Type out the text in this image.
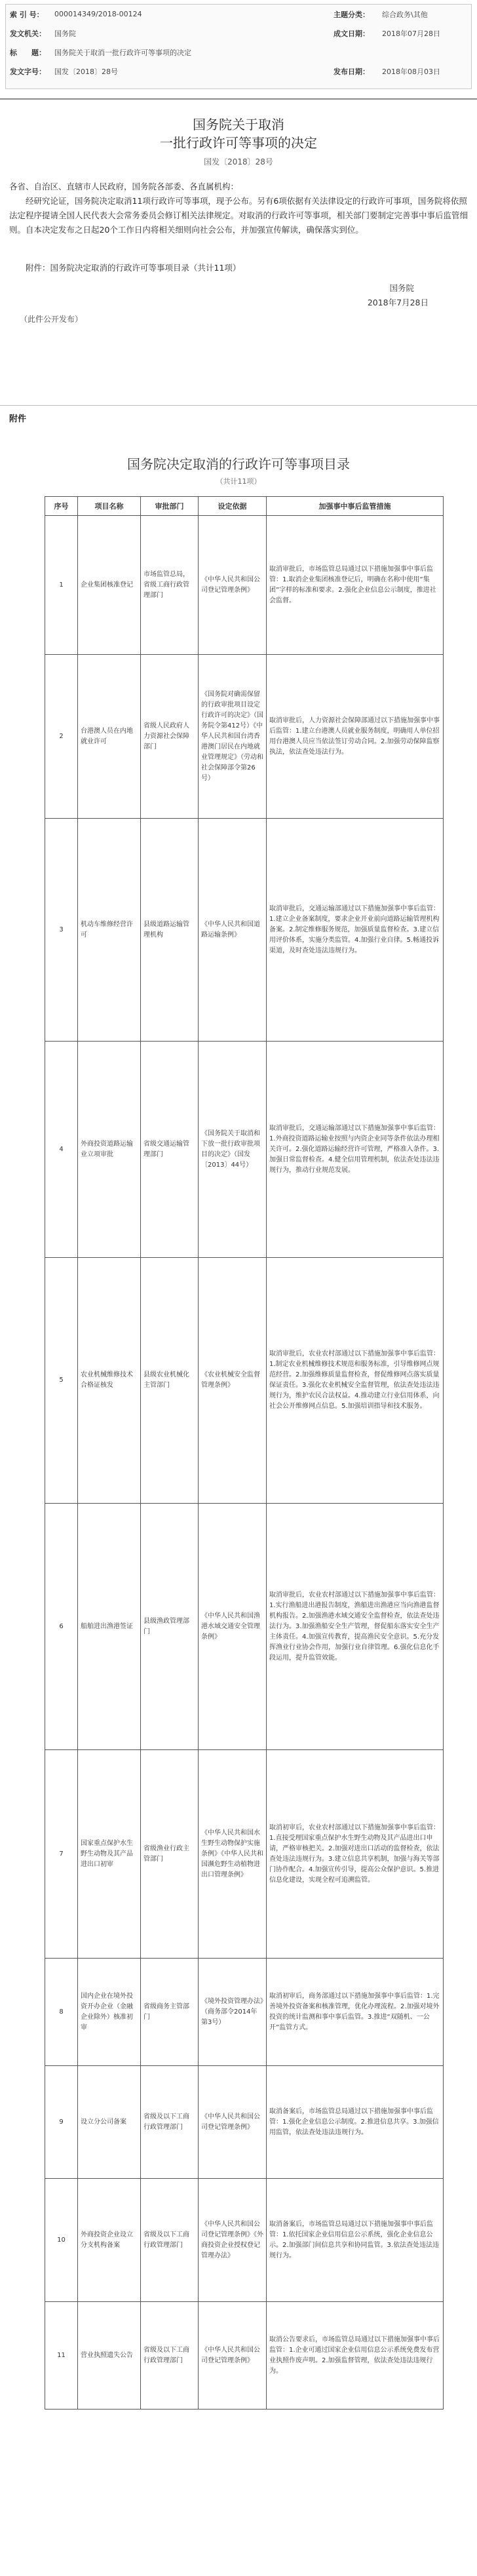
索 引 号：	000014349/2018-00124	主题分类：	综合政务\其他
发文机关：	国务院	成文日期：	2018年07月28日
标　　题：	国务院关于取消一批行政许可等事项的决定		
发文字号：	国发〔2018〕28号	发布日期：	2018年08月03日
国务院关于取消
一批行政许可等事项的决定
国发〔2018〕28号
各省、自治区、直辖市人民政府，国务院各部委、各直属机构：
经研究论证，国务院决定取消11项行政许可等事项，现予公布。另有6项依据有关法律设定的行政许可事项，国务院将依照法定程序提请全国人民代表大会常务委员会修订相关法律规定。对取消的行政许可等事项，相关部门要制定完善事中事后监管细则。自本决定发布之日起20个工作日内将相关细则向社会公布，并加强宣传解读，确保落实到位。
附件：国务院决定取消的行政许可等事项目录（共计11项）
国务院
2018年7月28日
（此件公开发布）
附件
国务院决定取消的行政许可等事项目录
（共计11项）
序号	项目名称	审批部门	设定依据	加强事中事后监管措施
1	企业集团核准登记	市场监管总局，省级工商行政管理部门	《中华人民共和国公司登记管理条例》	取消审批后，市场监管总局通过以下措施加强事中事后监管：1.取消企业集团核准登记后，明确在名称中使用“集团”字样的标准和要求。2.强化企业信息公示制度，推进社会监督。
2	台港澳人员在内地就业许可	省级人民政府人力资源社会保障部门	《国务院对确需保留的行政审批项目设定行政许可的决定》（国务院令第412号）《中华人民共和国台湾香港澳门居民在内地就业管理规定》（劳动和社会保障部令第26号）	取消审批后，人力资源社会保障部通过以下措施加强事中事后监管：1.建立台港澳人员就业服务制度，明确用人单位招用台港澳人员应当依法签订劳动合同。2.加强劳动保障监察执法，依法查处违法行为。
3	机动车维修经营许可	县级道路运输管理机构	《中华人民共和国道路运输条例》	取消审批后，交通运输部通过以下措施加强事中事后监管：1.建立企业备案制度，要求企业开业前向道路运输管理机构备案。2.制定维修服务规范，加强质量监督检查。3.建立信用评价体系，实施分类监管。4.加强行业自律。5.畅通投诉渠道，及时查处违法违规行为。
4	外商投资道路运输业立项审批	省级交通运输管理部门	《国务院关于取消和下放一批行政审批项目的决定》（国发〔2013〕44号）	取消审批后，交通运输部通过以下措施加强事中事后监管：1.外商投资道路运输业按照与内资企业同等条件依法办理相关许可。2.强化道路运输经营许可管理，严格准入条件。3.加强日常监督检查。4.健全信用管理机制，依法查处违法违规行为，推动行业规范发展。
5	农业机械维修技术合格证核发	县级农业机械化主管部门	《农业机械安全监督管理条例》	取消审批后，农业农村部通过以下措施加强事中事后监管：1.制定农业机械维修技术规范和服务标准，引导维修网点规范经营。2.加强维修质量监督检查，督促维修网点落实质量保证责任。3.强化农业机械安全监督管理，依法查处违法违规行为，维护农民合法权益。4.推动建立行业信用体系，向社会公开维修网点信息。5.加强培训指导和技术服务。
6	船舶进出渔港签证	县级渔政管理部门	《中华人民共和国渔港水域交通安全管理条例》	取消审批后，农业农村部通过以下措施加强事中事后监管：1.实行渔船进出港报告制度，渔船进出渔港应当向渔港监督机构报告。2.加强渔港水域交通安全监督检查，依法查处违法行为。3.加强渔船安全生产管理，督促船东落实安全生产主体责任。4.加强宣传教育，提高渔民安全意识。5.充分发挥渔业行业协会作用，加强行业自律管理。6.强化信息化手段运用，提升监管效能。
7	国家重点保护水生野生动物及其产品进出口初审	省级渔业行政主管部门	《中华人民共和国水生野生动物保护实施条例》《中华人民共和国濒危野生动植物进出口管理条例》	取消初审后，农业农村部通过以下措施加强事中事后监管：1.直接受理国家重点保护水生野生动物及其产品进出口申请，严格审核把关。2.加强对进出口活动的监督检查，依法查处违法违规行为。3.建立信息共享机制，加强与海关等部门协作配合。4.加强宣传引导，提高公众保护意识。5.推进信息化建设，实现全程可追溯监管。
8	国内企业在境外投资开办企业（金融企业除外）核准初审	省级商务主管部门	《境外投资管理办法》（商务部令2014年第3号）	取消初审后，商务部通过以下措施加强事中事后监管：1.完善境外投资备案和核准管理，优化办理流程。2.加强对境外投资的统计监测和事中事后监管。3.推进“双随机、一公开”监管方式。
9	设立分公司备案	省级及以下工商行政管理部门	《中华人民共和国公司登记管理条例》	取消备案后，市场监管总局通过以下措施加强事中事后监管：1.强化企业信息公示制度。2.推进信息共享。3.加强信用监管，依法查处违法违规行为。
10	外商投资企业设立分支机构备案	省级及以下工商行政管理部门	《中华人民共和国公司登记管理条例》《外商投资企业授权登记管理办法》	取消备案后，市场监管总局通过以下措施加强事中事后监管：1.依托国家企业信用信息公示系统，强化企业信息公示。2.加强部门间信息共享和协同监管。3.依法查处违法违规行为。
11	营业执照遗失公告	省级及以下工商行政管理部门	《中华人民共和国公司登记管理条例》	取消公告要求后，市场监管总局通过以下措施加强事中事后监管：1.企业可通过国家企业信用信息公示系统免费发布营业执照作废声明。2.加强监督管理，依法查处违法违规行为。
